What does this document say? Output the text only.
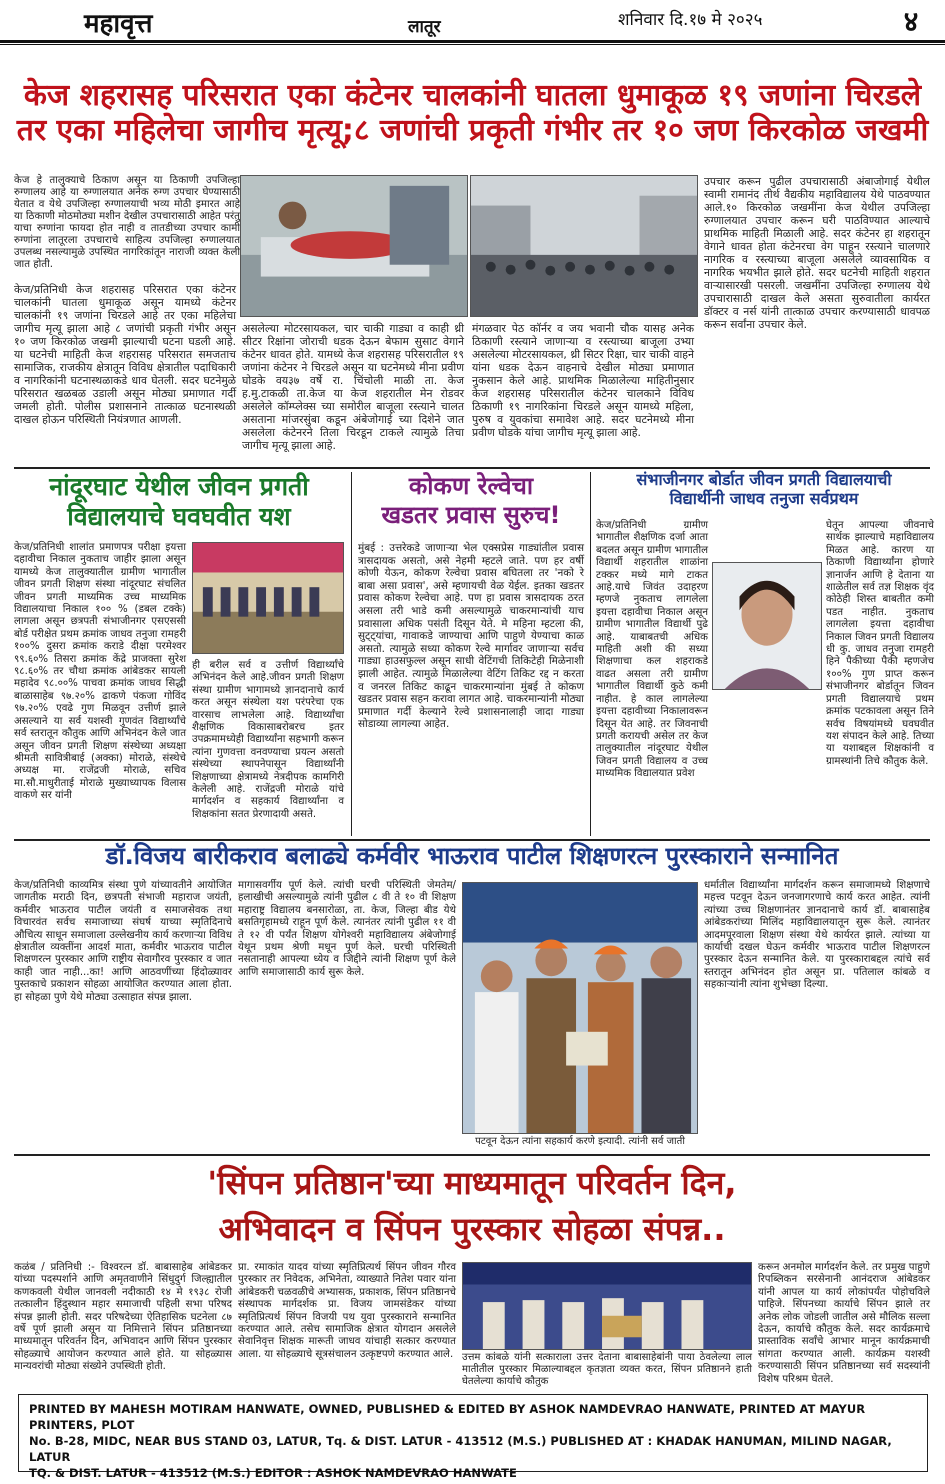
महावृत्त	लातूर	शनिवार दि.१७ मे २०२५	४
केज शहरासह परिसरात एका कंटेनर चालकांनी घातला धुमाकूळ १९ जणांना चिरडले
तर एका महिलेचा जागीच मृत्यू;८ जणांची प्रकृती गंभीर तर १० जण किरकोळ जखमी
केज हे तालुक्याचे ठिकाण असून या ठिकाणी उपजिल्हा रुग्णालय आहे या रुग्णालयात अनेक रुग्ण उपचार घेण्यासाठी येतात व येथे उपजिल्हा रुग्णालयाची भव्य मोठी इमारत आहे या ठिकाणी मोठमोठ्या मशीन देखील उपचारासाठी आहेत परंतु याचा रुग्णांना फायदा होत नाही व तातडीच्या उपचार कामी रुग्णांना लातूरला उपचाराचे साहित्य उपजिल्हा रुग्णालयात उपलब्ध नसल्यामुळे उपस्थित नागरिकांतून नाराजी व्यक्त केली जात होती.
केज/प्रतिनिधी केज शहरासह परिसरात एका कंटेनर चालकांनी घातला धुमाकूळ असून यामध्ये कंटेनर चालकांनी १९ जणांना चिरडले आहे तर एका महिलेचा जागीच मृत्यू झाला आहे ८ जणांची प्रकृती गंभीर असून १० जण किरकोळ जखमी झाल्याची घटना घडली आहे. या घटनेची माहिती केज शहरासह परिसरात समजताच सामाजिक, राजकीय क्षेत्रातून विविध क्षेत्रातील पदाधिकारी व नागरिकांनी घटनास्थळाकडे धाव घेतली. सदर घटनेमुळे परिसरात खळबळ उडाली असून मोठ्या प्रमाणात गर्दी जमली होती. पोलीस प्रशासनाने तात्काळ घटनास्थळी दाखल होऊन परिस्थिती नियंत्रणात आणली.
असलेल्या मोटरसायकल, चार चाकी गाड्या व काही थ्री सीटर रिक्षांना जोराची धडक देऊन बेफाम सुसाट वेगाने कंटेनर धावत होते. यामध्ये केज शहरासह परिसरातील १९ जणांना कंटेनर ने चिरडले असून या घटनेमध्ये मीना प्रवीण घोडके वय३७ वर्षे रा. चिंचोली माळी ता. केज ह.मु.टाकळी ता.केज या केज शहरातील मेन रोडवर असलेले कॉम्प्लेक्स च्या समोरील बाजूला रस्त्याने चालत असताना मांजरसुंबा कडून अंबेजोगाई च्या दिशेने जात असलेला कंटेनरने तिला चिरडून टाकले त्यामुळे तिचा जागीच मृत्यू झाला आहे.
मंगळवार पेठ कॉर्नर व जय भवानी चौक यासह अनेक ठिकाणी रस्त्याने जाणाऱ्या व रस्त्याच्या बाजूला उभ्या असलेल्या मोटरसायकल, थ्री सिटर रिक्षा, चार चाकी वाहने यांना धडक देऊन वाहनाचे देखील मोठ्या प्रमाणात नुकसान केले आहे. प्राथमिक मिळालेल्या माहितीनुसार केज शहरासह परिसरातील कंटेनर चालकाने विविध ठिकाणी १९ नागरिकांना चिरडले असून यामध्ये महिला, पुरुष व युवकांचा समावेश आहे. सदर घटनेमध्ये मीना प्रवीण घोडके यांचा जागीच मृत्यू झाला आहे.
उपचार करून पुढील उपचारासाठी अंबाजोगाई येथील स्वामी रामानंद तीर्थ वैद्यकीय महाविद्यालय येथे पाठवण्यात आले.१० किरकोळ जखमींना केज येथील उपजिल्हा रुग्णालयात उपचार करून घरी पाठविण्यात आल्याचे प्राथमिक माहिती मिळाली आहे. सदर कंटेनर हा शहरातून वेगाने धावत होता कंटेनरचा वेग पाहून रस्त्याने चालणारे नागरिक व रस्त्याच्या बाजूला असलेले व्यावसायिक व नागरिक भयभीत झाले होते. सदर घटनेची माहिती शहरात वाऱ्यासारखी पसरली. जखमींना उपजिल्हा रुग्णालय येथे उपचारासाठी दाखल केले असता सुरुवातीला कार्यरत डॉक्टर व नर्स यांनी तात्काळ उपचार करण्यासाठी धावपळ करून सर्वांना उपचार केले.
नांदूरघाट येथील जीवन प्रगती
विद्यालयाचे घवघवीत यश
केज/प्रतिनिधी शालांत प्रमाणपत्र परीक्षा इयत्ता दहावीचा निकाल नुकताच जाहीर झाला असून यामध्ये केज तालुक्यातील ग्रामीण भागातील जीवन प्रगती शिक्षण संस्था नांदूरघाट संचलित जीवन प्रगती माध्यमिक उच्च माध्यमिक विद्यालयाचा निकाल १०० % (डबल टक्के) लागला असून छत्रपती संभाजीनगर एसएससी बोर्ड परीक्षेत प्रथम क्रमांक जाधव तनुजा रामहरी १००% दुसरा क्रमांक कराडे दीक्षा परमेश्वर ९९.६०% तिसरा क्रमांक केंद्रे प्राजक्ता सुरेश ९८.६०% तर चौथा क्रमांक आंबेडकर सायली महादेव ९८.००% पाचवा क्रमांक जाधव सिद्धी बाळासाहेब ९७.२०% ढाकणे पंकजा गोविंद ९७.२०% एवढे गुण मिळवून उत्तीर्ण झाले असल्याने या सर्व यशस्वी गुणवंत विद्यार्थ्यांचे सर्व स्तरातून कौतुक आणि अभिनंदन केले जात असून जीवन प्रगती शिक्षण संस्थेच्या अध्यक्षा श्रीमती सावित्रीबाई (अक्का) मोराळे, संस्थेचे अध्यक्ष मा. राजेंद्रजी मोराळे, सचिव मा.सौ.माधुरीताई मोराळे मुख्याध्यापक विलास वाकणे सर यांनी
ही बरील सर्व व उत्तीर्ण विद्यार्थ्यांचे अभिनंदन केले आहे.जीवन प्रगती शिक्षण संस्था ग्रामीण भागामध्ये ज्ञानदानाचे कार्य करत असून संस्थेला यश परंपरेचा एक वारसाच लाभलेला आहे. विद्यार्थ्यांचा शैक्षणिक विकासाबरोबरच इतर उपक्रमामध्येही विद्यार्थ्यांना सहभागी करून त्यांना गुणवत्ता वनवण्याचा प्रयत्न असतो संस्थेच्या स्थापनेपासून विद्यार्थ्यांनी शिक्षणाच्या क्षेत्रामध्ये नेत्रदीपक कामगिरी केलेली आहे. राजेंद्रजी मोराळे यांचे मार्गदर्शन व सहकार्य विद्यार्थ्यांना व शिक्षकांना सतत प्रेरणादायी असते.
कोकण रेल्वेचा
खडतर प्रवास सुरुच!
मुंबई : उत्तरेकडे जाणाऱ्या भेल एक्सप्रेस गाड्यांतील प्रवास त्रासदायक असतो, असे नेहमी म्हटले जाते. पण हर वर्षी कोणी येऊन, कोकण रेल्वेचा प्रवास बघितला तर 'नको रे बाबा असा प्रवास', असे म्हणायची वेळ येईल. इतका खडतर प्रवास कोकण रेल्वेचा आहे. पण हा प्रवास त्रासदायक ठरत असला तरी भाडे कमी असल्यामुळे चाकरमान्यांची याच प्रवासाला अधिक पसंती दिसून येते. मे महिना म्हटला की, सुट्ट्यांचा, गावाकडे जाण्याचा आणि पाहुणे येण्याचा काळ असतो. त्यामुळे सध्या कोकण रेल्वे मार्गावर जाणाऱ्या सर्वच गाड्या हाउसफुल्ल असून साधी वेटिंगची तिकिटेही मिळेनाशी झाली आहेत. त्यामुळे मिळालेल्या वेटिंग तिकिट रद्द न करता व जनरल तिकिट काढून चाकरमान्यांना मुंबई ते कोकण खडतर प्रवास सहन करावा लागत आहे. चाकरमान्यांनी मोठ्या प्रमाणात गर्दी केल्याने रेल्वे प्रशासनालाही जादा गाड्या सोडाव्या लागल्या आहेत.
संभाजीनगर बोर्डात जीवन प्रगती विद्यालयाची
विद्यार्थीनी जाधव तनुजा सर्वप्रथम
केज/प्रतिनिधी ग्रामीण भागातील शैक्षणिक दर्जा आता बदलत असून ग्रामीण भागातील विद्यार्थी शहरातील शाळांना टक्कर मध्ये मागे टाकत आहे.याचे जिवंत उदाहरण म्हणजे नुकताच लागलेला इयत्ता दहावीचा निकाल असून ग्रामीण भागातील विद्यार्थी पुढे आहे. याबाबतची अधिक माहिती अशी की सध्या शिक्षणाचा कल शहराकडे वाढत असला तरी ग्रामीण भागातील विद्यार्थी कुठे कमी नाहीत. हे काल लागलेल्या इयत्ता दहावीच्या निकालावरून दिसून येत आहे. तर जिवनाची प्रगती करायची असेल तर केज तालुक्यातील नांदूरघाट येथील जिवन प्रगती विद्यालय व उच्च माध्यमिक विद्यालयात प्रवेश
घेतून आपल्या जीवनाचे सार्थक झाल्याचे महाविद्यालय मिळत आहे. कारण या ठिकाणी विद्यार्थ्यांना होणारे ज्ञानार्जन आणि हे देताना या शाळेतील सर्व तज्ञ शिक्षक वृंद कोठेही शिस्त बाबतीत कमी पडत नाहीत. नुकताच लागलेला इयत्ता दहावीचा निकाल जिवन प्रगती विद्यालय धी कु. जाधव तनुजा रामहरी हिने पैकीच्या पैकी म्हणजेच १००% गुण प्राप्त करून संभाजीनगर बोर्डातून जिवन प्रगती विद्यालयाचे प्रथम क्रमांक पटकावला असून तिने सर्वच विषयांमध्ये घवघवीत यश संपादन केले आहे. तिच्या या यशाबद्दल शिक्षकांनी व ग्रामस्थांनी तिचे कौतुक केले.
डॉ.विजय बारीकराव बलाढ्ये कर्मवीर भाऊराव पाटील शिक्षणरत्न पुरस्काराने सन्मानित
केज/प्रतिनिधी काव्यमित्र संस्था पुणे यांच्यावतीने आयोजित जागतीक मराठी दिन, छत्रपती संभाजी महाराज जयंती, कर्मवीर भाऊराव पाटील जयंती व समाजसेवक तथा विचारवंत सर्वच समाजाच्या संघर्ष याच्या स्मृतिदिनाचे औचित्य साधून समाजाला उल्लेखनीय कार्य करणाऱ्या विविध क्षेत्रातील व्यक्तींना आदर्श माता, कर्मवीर भाऊराव पाटील शिक्षणरत्न पुरस्कार आणि राष्ट्रीय सेवागौरव पुरस्कार व जात काही जात नाही...का! आणि आठवणींच्या हिंदोळ्यावर पुस्तकाचे प्रकाशन सोहळा आयोजित करण्यात आला होता. हा सोहळा पुणे येथे मोठ्या उत्साहात संपन्न झाला.
मागासवर्गीय पूर्ण केले. त्यांची घरची परिस्थिती जेमतेम/ हलाखीची असल्यामुळे त्यांनी पुढील ८ वी ते १० वी शिक्षण महाराष्ट्र विद्यालय बनसारोळा, ता. केज, जिल्हा बीड येथे बसतिगृहामध्ये राहून पूर्ण केले. त्यानंतर त्यांनी पुढील ११ वी ते १२ वी पर्यंत शिक्षण योगेश्वरी महाविद्यालय अंबेजोगाई येथून प्रथम श्रेणी मधून पूर्ण केले. घरची परिस्थिती नसतानाही आपल्या ध्येय व जिद्दीने त्यांनी शिक्षण पूर्ण केले आणि समाजासाठी कार्य सुरू केले.
पटवून देऊन त्यांना सहकार्य करणे इत्यादी. त्यांनी सर्व जाती
धर्मातील विद्यार्थ्यांना मार्गदर्शन करून समाजामध्ये शिक्षणाचे महत्त्व पटवून देऊन जनजागरणाचे कार्य करत आहेत. त्यांनी त्यांच्या उच्च शिक्षणानंतर ज्ञानदानाचे कार्य डॉ. बाबासाहेब आंबेडकरांच्या मिलिंद महाविद्यालयातून सुरू केले. त्यानंतर आदमपूरवाला शिक्षण संस्था येथे कार्यरत झाले. त्यांच्या या कार्याची दखल घेऊन कर्मवीर भाऊराव पाटील शिक्षणरत्न पुरस्कार देऊन सन्मानित केले. या पुरस्काराबद्दल त्यांचे सर्व स्तरातून अभिनंदन होत असून प्रा. पतिलाल कांबळे व सहकाऱ्यांनी त्यांना शुभेच्छा दिल्या.
'सिंपन प्रतिष्ठान'च्या माध्यमातून परिवर्तन दिन,
अभिवादन व सिंपन पुरस्कार सोहळा संपन्न..
कळंब / प्रतिनिधी :- विश्वरत्न डॉ. बाबासाहेब आंबेडकर यांच्या पदस्पर्शाने आणि अमृतवाणीने सिंधुदुर्ग जिल्ह्यातील कणकवली येथील जानवली नदीकाठी १४ मे १९३८ रोजी तत्कालीन हिंदुस्थान महार समाजाची पहिली सभा परिषद संपन्न झाली होती. सदर परिषदेच्या ऐतिहासिक घटनेला ८७ वर्षे पूर्ण झाली असून या निमित्ताने सिंपन प्रतिष्ठानच्या माध्यमातून परिवर्तन दिन, अभिवादन आणि सिंपन पुरस्कार सोहळ्याचे आयोजन करण्यात आले होते. या सोहळ्यास मान्यवरांची मोठ्या संख्येने उपस्थिती होती.
प्रा. रमाकांत यादव यांच्या स्मृतिप्रित्यर्थ सिंपन जीवन गौरव पुरस्कार तर निवेदक, अभिनेता, व्याख्याते नितेश पवार यांना आंबेडकरी चळवळीचे अभ्यासक, प्रकाशक, सिंपन प्रतिष्ठानचे संस्थापक मार्गदर्शक प्रा. विजय जामसंडेकर यांच्या स्मृतिप्रित्यर्थ सिंपन विजयी पथ युवा पुरस्काराने सन्मानित करण्यात आले. तसेच सामाजिक क्षेत्रात योगदान असलेले सेवानिवृत्त शिक्षक मारूती जाधव यांचाही सत्कार करण्यात आला. या सोहळ्याचे सूत्रसंचालन उत्कृष्टपणे करण्यात आले. उत्तम कांबळे यांनी सत्काराला उत्तर देताना बाबासाहेबांनी पाया ठेवलेल्या लाल मातीतील पुरस्कार मिळाल्याबद्दल कृतज्ञता व्यक्त करत, सिंपन प्रतिष्ठानने हाती घेतलेल्या कार्याचे कौतुक
करून अनमोल मार्गदर्शन केले. तर प्रमुख पाहुणे रिपब्लिकन सरसेनानी आनंदराज आंबेडकर यांनी आपल या कार्य लोकांपर्यंत पोहोचविले पाहिजे. सिंपनच्या कार्याचे सिंपन झाले तर अनेक लोक जोडली जातील असे मौलिक सल्ला देऊन, कार्याचे कौतुक केले. सदर कार्यक्रमाचे प्रास्ताविक सर्वांचे आभार मानून कार्यक्रमाची सांगता करण्यात आली. कार्यक्रम यशस्वी करण्यासाठी सिंपन प्रतिष्ठानच्या सर्व सदस्यांनी विशेष परिश्रम घेतले.
PRINTED BY MAHESH MOTIRAM HANWATE, OWNED, PUBLISHED & EDITED BY ASHOK NAMDEVRAO HANWATE, PRINTED AT MAYUR PRINTERS, PLOT
No. B-28, MIDC, NEAR BUS STAND 03, LATUR, Tq. & DIST. LATUR - 413512 (M.S.) PUBLISHED AT : KHADAK HANUMAN, MILIND NAGAR, LATUR
TQ. & DIST. LATUR - 413512 (M.S.) EDITOR : ASHOK NAMDEVRAO HANWATE
